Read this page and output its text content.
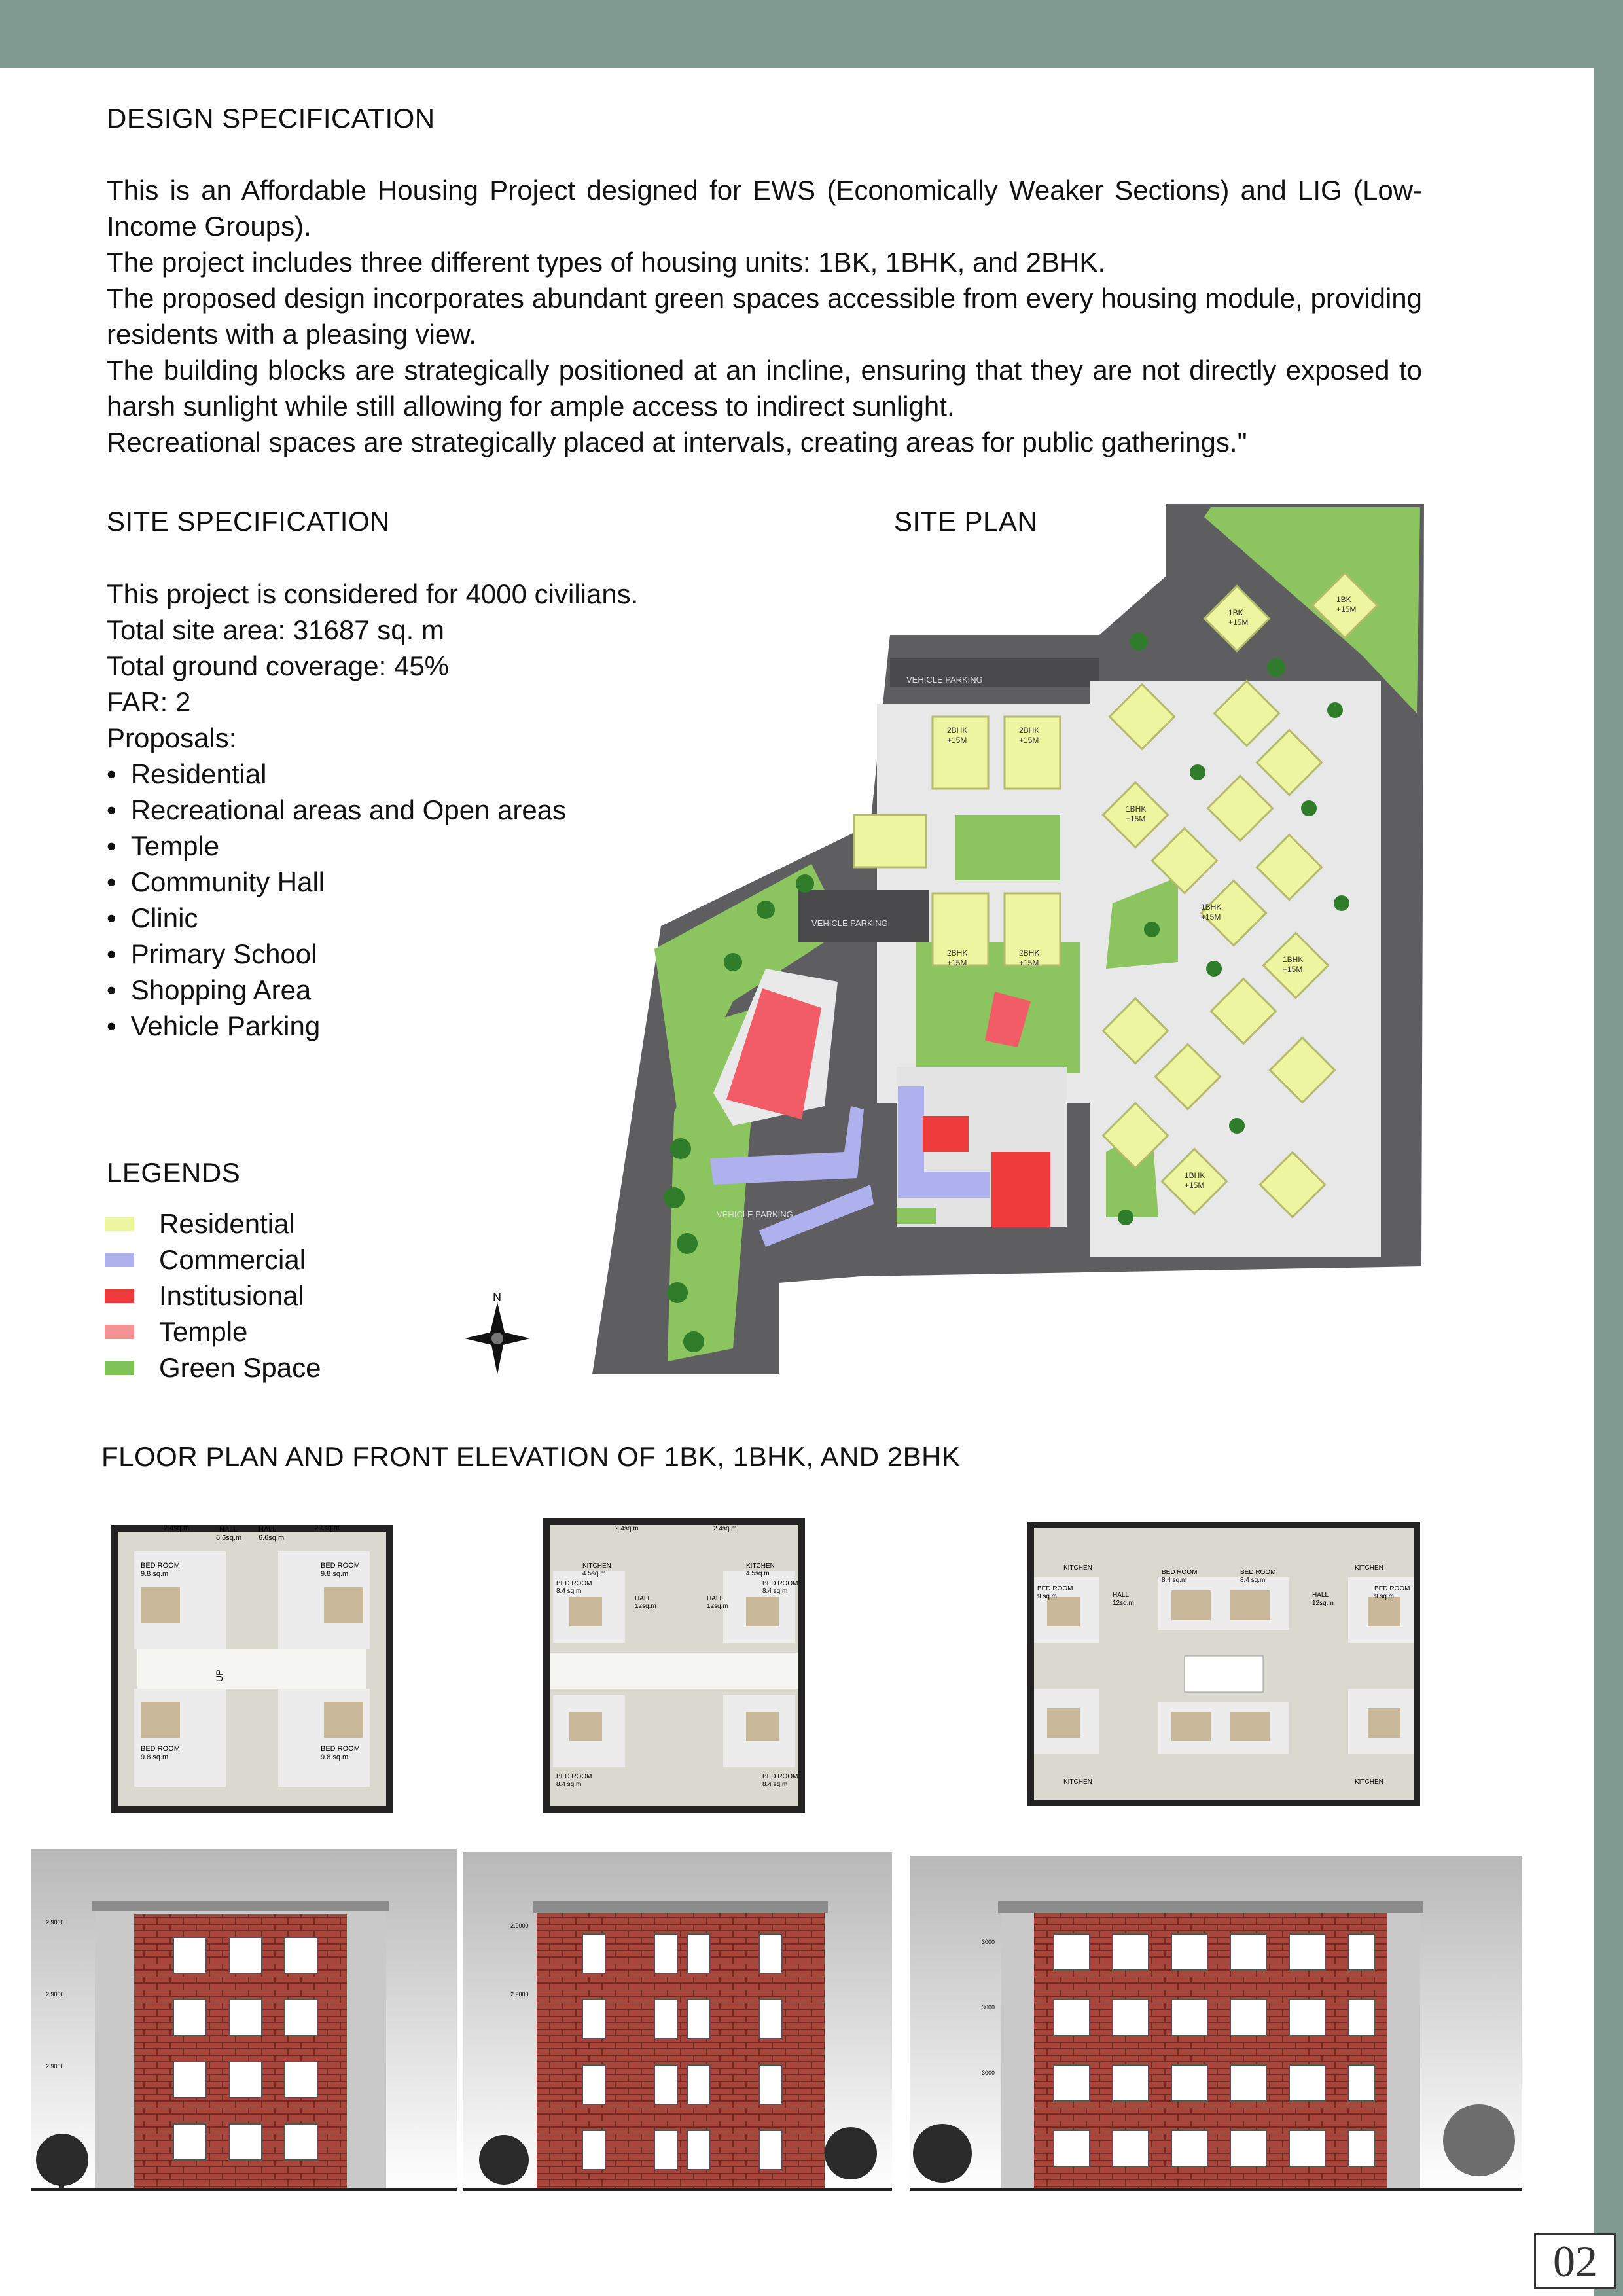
DESIGN SPECIFICATION

This is an Affordable Housing Project designed for EWS (Economically Weaker Sections) and LIG (Low-Income Groups).

The project includes three different types of housing units: 1BK, 1BHK, and 2BHK.

The proposed design incorporates abundant green spaces accessible from every housing module, providing residents with a pleasing view.

The building blocks are strategically positioned at an incline, ensuring that they are not directly exposed to harsh sunlight while still allowing for ample access to indirect sunlight.

Recreational spaces are strategically placed at intervals, creating areas for public gatherings."

SITE SPECIFICATION
This project is considered for 4000 civilians.
Total site area: 31687 sq. m
Total ground coverage: 45%
FAR: 2
Proposals:
• Residential
• Recreational areas and Open areas
• Temple
• Community Hall
• Clinic
• Primary School
• Shopping Area
• Vehicle Parking
SITE PLAN
VEHICLE PARKING
VEHICLE PARKING
VEHICLE PARKING
2BHK
+15M
2BHK
+15M
2BHK
+15M
2BHK
+15M
1BK
+15M
1BK
+15M
1BHK
+15M
1BHK
+15M
1BHK
+15M
1BHK
+15M
N
LEGENDS
Residential
Commercial
Institusional
Temple
Green Space
FLOOR PLAN AND FRONT ELEVATION OF 1BK, 1BHK, AND 2BHK
BED ROOM
9.8 sq.m
BED ROOM
9.8 sq.m
HALL
6.6sq.m
HALL
6.6sq.m
2.4sq.m	2.4sq.m
BED ROOM
9.8 sq.m
BED ROOM
9.8 sq.m
UP
BED ROOM
8.4 sq.m
BED ROOM
8.4 sq.m
HALL
12sq.m
HALL
12sq.m
KITCHEN
4.5sq.m
KITCHEN
4.5sq.m
BED ROOM
8.4 sq.m
BED ROOM
8.4 sq.m
2.4sq.m	2.4sq.m
BED ROOM
9 sq.m
BED ROOM
9 sq.m
BED ROOM
8.4 sq.m
BED ROOM
8.4 sq.m
HALL
12sq.m
HALL
12sq.m
KITCHEN	KITCHEN
KITCHEN	KITCHEN
2.9000
2.9000
2.9000
2.9000
2.9000
3000
3000
3000
02
